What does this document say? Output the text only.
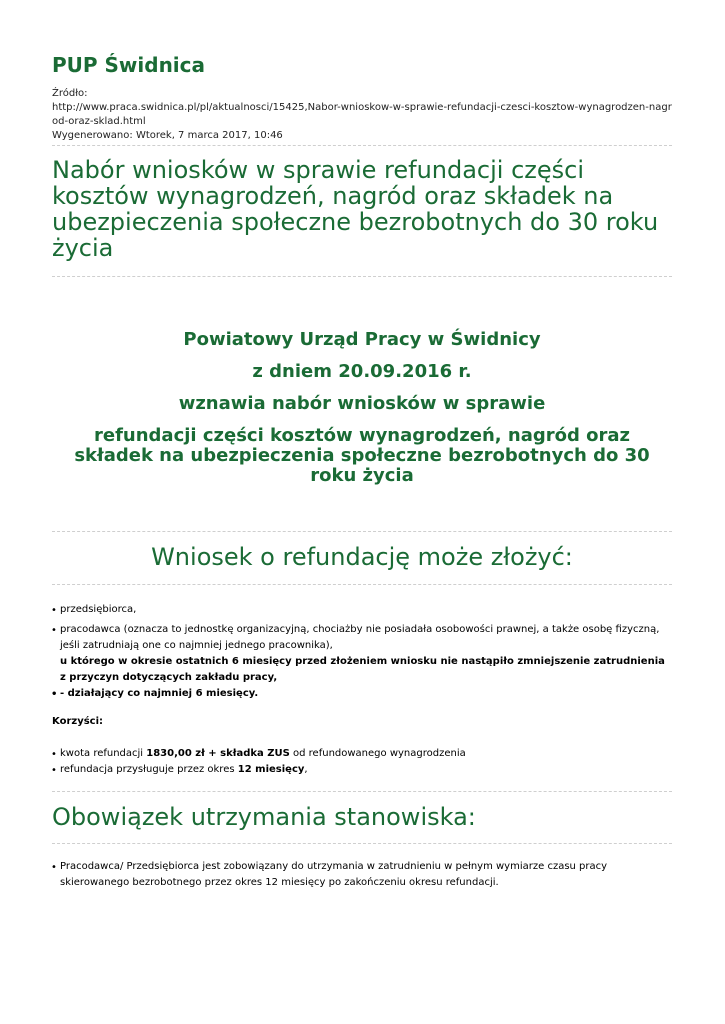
PUP Świdnica
Źródło:
http://www.praca.swidnica.pl/pl/aktualnosci/15425,Nabor-wnioskow-w-sprawie-refundacji-czesci-kosztow-wynagrodzen-nagrod-oraz-sklad.html
Wygenerowano: Wtorek, 7 marca 2017, 10:46
Nabór wniosków w sprawie refundacji części kosztów wynagrodzeń, nagród oraz składek na ubezpieczenia społeczne bezrobotnych do 30 roku życia
Powiatowy Urząd Pracy w Świdnicy
z dniem 20.09.2016 r.
wznawia nabór wniosków w sprawie
refundacji części kosztów wynagrodzeń, nagród oraz składek na ubezpieczenia społeczne bezrobotnych do 30 roku życia
Wniosek o refundację może złożyć:
• przedsiębiorca,
• pracodawca (oznacza to jednostkę organizacyjną, chociażby nie posiadała osobowości prawnej, a także osobę fizyczną, jeśli zatrudniają one co najmniej jednego pracownika),
u którego w okresie ostatnich 6 miesięcy przed złożeniem wniosku nie nastąpiło zmniejszenie zatrudnienia z przyczyn dotyczących zakładu pracy,
• - działający co najmniej 6 miesięcy.
Korzyści:
• kwota refundacji 1830,00 zł + składka ZUS od refundowanego wynagrodzenia
• refundacja przysługuje przez okres 12 miesięcy,
Obowiązek utrzymania stanowiska:
• Pracodawca/ Przedsiębiorca jest zobowiązany do utrzymania w zatrudnieniu w pełnym wymiarze czasu pracy skierowanego bezrobotnego przez okres 12 miesięcy po zakończeniu okresu refundacji.
